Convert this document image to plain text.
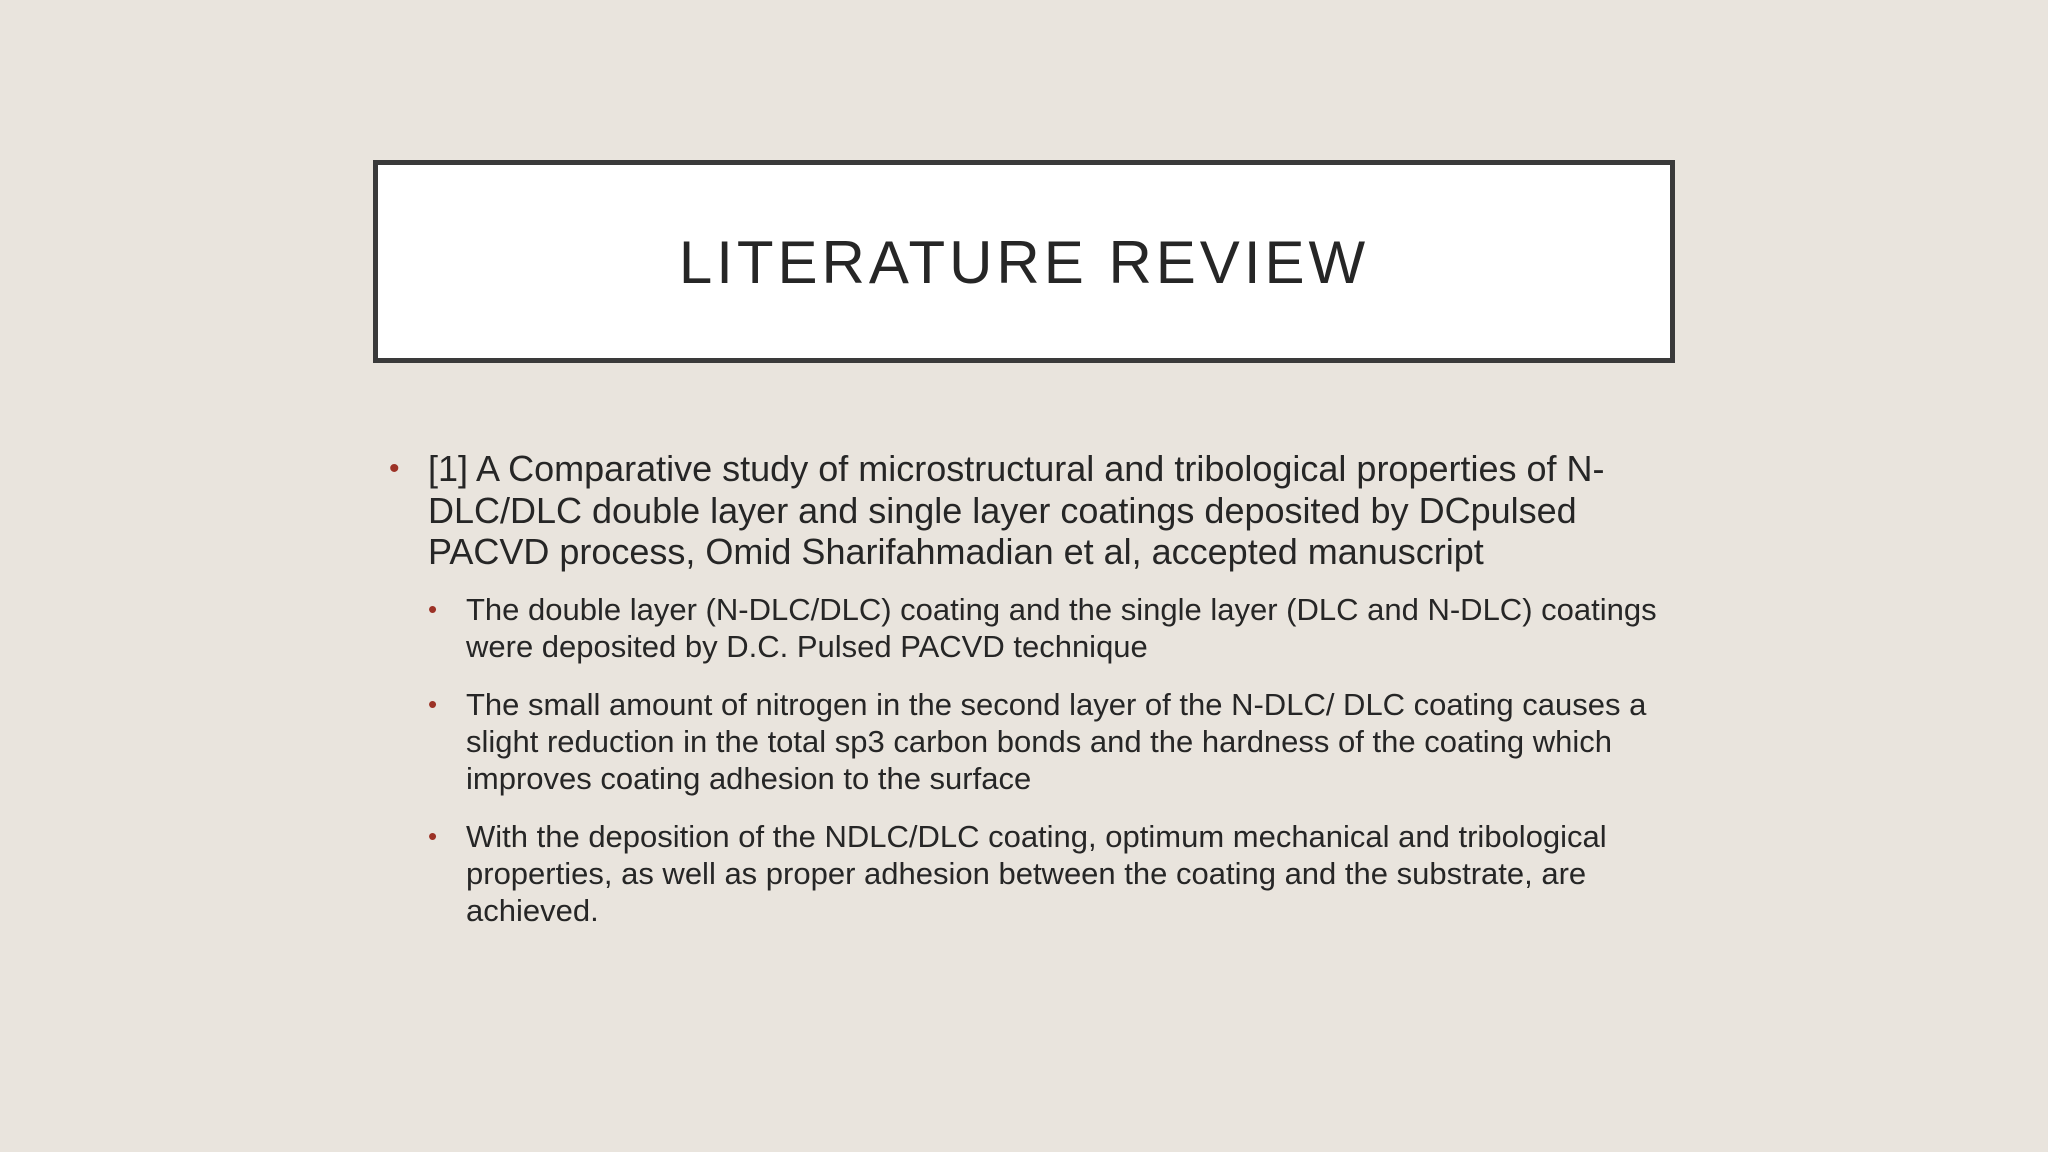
LITERATURE REVIEW
• [1] A Comparative study of microstructural and tribological properties of N-DLC/DLC double layer and single layer coatings deposited by DCpulsed PACVD process, Omid Sharifahmadian et al, accepted manuscript
• The double layer (N-DLC/DLC) coating and the single layer (DLC and N-DLC) coatings were deposited by D.C. Pulsed PACVD technique
• The small amount of nitrogen in the second layer of the N-DLC/ DLC coating causes a slight reduction in the total sp3 carbon bonds and the hardness of the coating which improves coating adhesion to the surface
• With the deposition of the NDLC/DLC coating, optimum mechanical and tribological properties, as well as proper adhesion between the coating and the substrate, are achieved.
